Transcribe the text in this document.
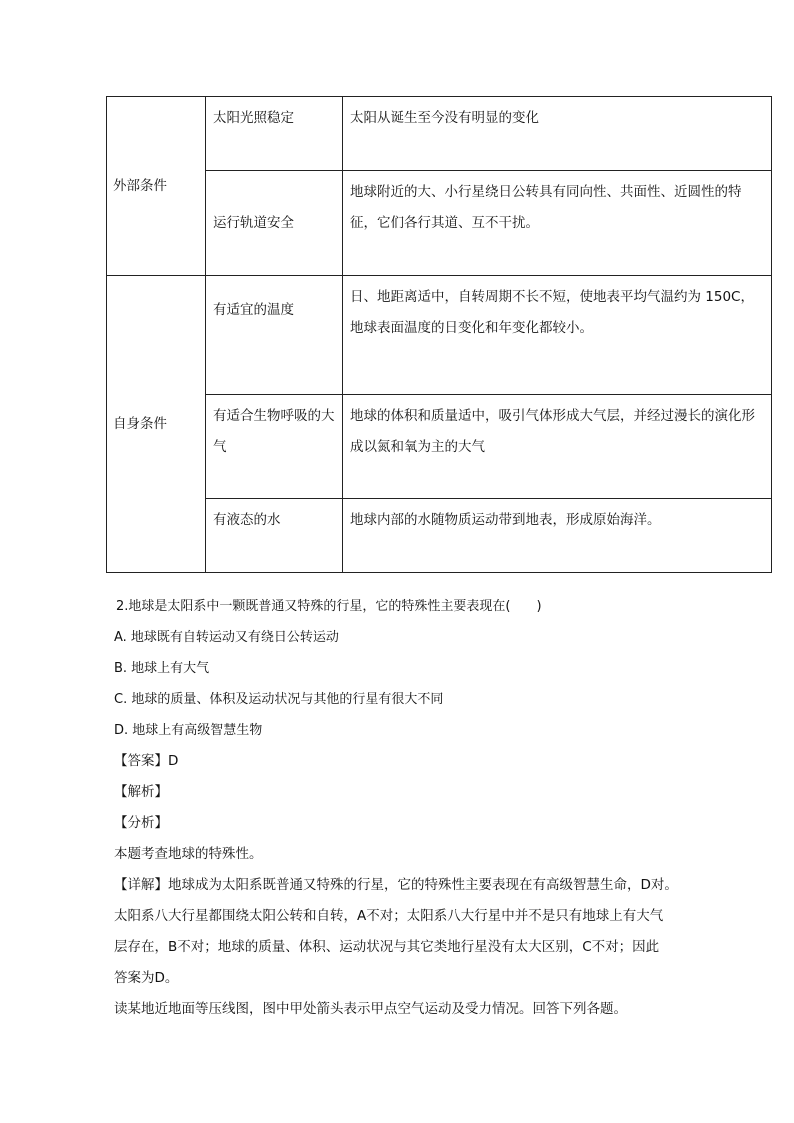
外部条件	太阳光照稳定	太阳从诞生至今没有明显的变化
	运行轨道安全	地球附近的大、小行星绕日公转具有同向性、共面性、近圆性的特征，它们各行其道、互不干扰。
自身条件	有适宜的温度	日、地距离适中，自转周期不长不短，使地表平均气温约为 150C，地球表面温度的日变化和年变化都较小。
	有适合生物呼吸的大气	地球的体积和质量适中，吸引气体形成大气层，并经过漫长的演化形成以氮和氧为主的大气
	有液态的水	地球内部的水随物质运动带到地表，形成原始海洋。
2.地球是太阳系中一颗既普通又特殊的行星，它的特殊性主要表现在(　　)
A. 地球既有自转运动又有绕日公转运动
B. 地球上有大气
C. 地球的质量、体积及运动状况与其他的行星有很大不同
D. 地球上有高级智慧生物
【答案】D
【解析】
【分析】
本题考查地球的特殊性。
【详解】地球成为太阳系既普通又特殊的行星，它的特殊性主要表现在有高级智慧生命，D对。
太阳系八大行星都围绕太阳公转和自转，A不对；太阳系八大行星中并不是只有地球上有大气
层存在，B不对；地球的质量、体积、运动状况与其它类地行星没有太大区别，C不对；因此
答案为D。
读某地近地面等压线图，图中甲处箭头表示甲点空气运动及受力情况。回答下列各题。
